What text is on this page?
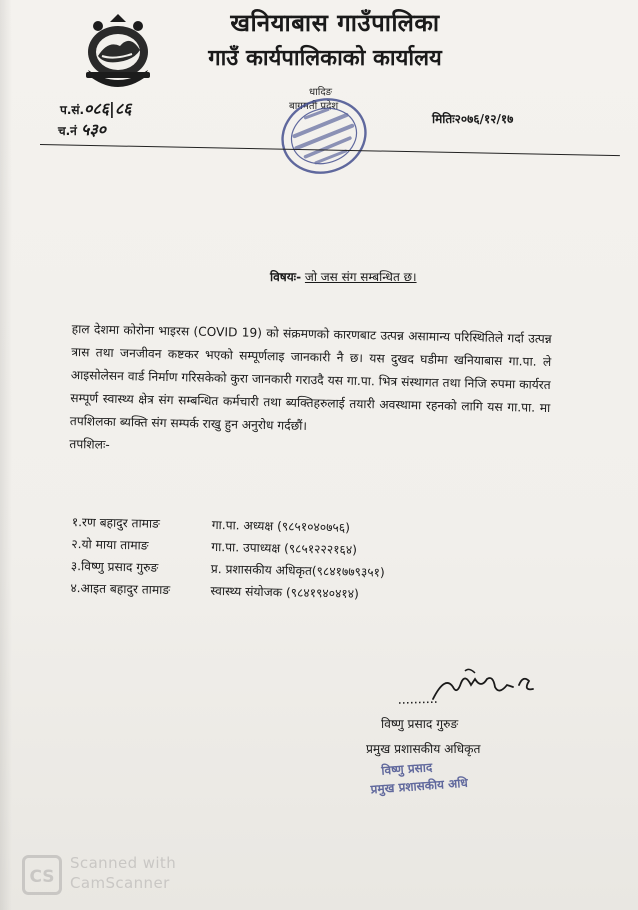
खनियाबास गाउँपालिका
गाउँ कार्यपालिकाको कार्यालय
प.सं.०८६|८६
च.नं ५३०
धादिङ
बागमती प्रदेश
मितिः२०७६/१२/१७
विषयः- जो जस संग सम्बन्धित छ।
हाल देशमा कोरोना भाइरस (COVID 19) को संक्रमणको कारणबाट उत्पन्न असामान्य परिस्थितिले गर्दा उत्पन्न त्रास तथा जनजीवन कष्टकर भएको सम्पूर्णलाइ जानकारी नै छ। यस दुखद घडीमा खनियाबास गा.पा. ले आइसोलेसन वार्ड निर्माण गरिसकेको कुरा जानकारी गराउदै यस गा.पा. भित्र संस्थागत तथा निजि रुपमा कार्यरत सम्पूर्ण स्वास्थ्य क्षेत्र संग सम्बन्धित कर्मचारी तथा ब्यक्तिहरुलाई तयारी अवस्थामा रहनको लागि यस गा.पा. मा तपशिलका ब्यक्ति संग सम्पर्क राखु हुन अनुरोध गर्दछौं।
तपशिलः-
१.रण बहादुर तामाङ	गा.पा. अध्यक्ष (९८५१०४०७५६)
२.यो माया तामाङ	गा.पा. उपाध्यक्ष (९८५१२२२१६४)
३.विष्णु प्रसाद गुरुङ	प्र. प्रशासकीय अधिकृत(९८४१७७९३५१)
४.आइत बहादुर तामाङ	स्वास्थ्य संयोजक (९८४१९४०४१४)
विष्णु प्रसाद गुरुङ
प्रमुख प्रशासकीय अधिकृत
विष्णु प्रसाद
प्रमुख प्रशासकीय अधि
CS
Scanned with
CamScanner
